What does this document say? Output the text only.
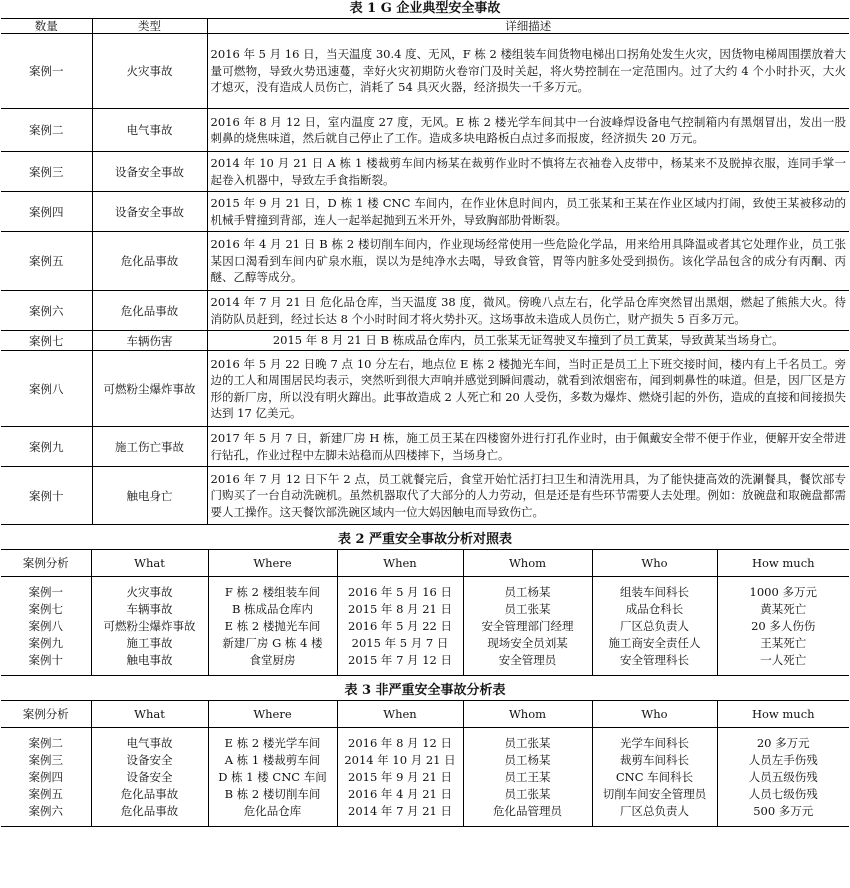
表 1 G 企业典型安全事故
数量	类型	详细描述
案例一	火灾事故	2016 年 5 月 16 日，当天温度 30.4 度、无风，F 栋 2 楼组装车间货物电梯出口拐角处发生火灾，因货物电梯周围摆放着大量可燃物，导致火势迅速蔓，幸好火灾初期防火卷帘门及时关起，将火势控制在一定范围内。过了大约 4 个小时扑灭，大火才熄灭，没有造成人员伤亡，消耗了 54 具灭火器，经济损失一千多万元。
案例二	电气事故	2016 年 8 月 12 日，室内温度 27 度，无风。E 栋 2 楼光学车间其中一台波峰焊设备电气控制箱内有黑烟冒出，发出一股刺鼻的烧焦味道，然后就自己停止了工作。造成多块电路板白点过多而报废，经济损失 20 万元。
案例三	设备安全事故	2014 年 10 月 21 日 A 栋 1 楼裁剪车间内杨某在裁剪作业时不慎将左衣袖卷入皮带中，杨某来不及脱掉衣服，连同手掌一起卷入机器中，导致左手食指断裂。
案例四	设备安全事故	2015 年 9 月 21 日，D 栋 1 楼 CNC 车间内，在作业休息时间内，员工张某和王某在作业区域内打闹，致使王某被移动的机械手臂撞到背部，连人一起举起抛到五米开外，导致胸部肋骨断裂。
案例五	危化品事故	2016 年 4 月 21 日 B 栋 2 楼切削车间内，作业现场经常使用一些危险化学品，用来给用具降温或者其它处理作业，员工张某因口渴看到车间内矿泉水瓶，误以为是纯净水去喝，导致食管，胃等内脏多处受到损伤。该化学品包含的成分有丙酮、丙醚、乙醇等成分。
案例六	危化品事故	2014 年 7 月 21 日 危化品仓库，当天温度 38 度，微风。傍晚八点左右，化学品仓库突然冒出黑烟，燃起了熊熊大火。待消防队员赶到，经过长达 8 个小时时间才将火势扑灭。这场事故未造成人员伤亡，财产损失 5 百多万元。
案例七	车辆伤害	2015 年 8 月 21 日 B 栋成品仓库内，员工张某无证驾驶叉车撞到了员工黄某，导致黄某当场身亡。
案例八	可燃粉尘爆炸事故	2016 年 5 月 22 日晚 7 点 10 分左右，地点位 E 栋 2 楼抛光车间，当时正是员工上下班交接时间，楼内有上千名员工。旁边的工人和周围居民均表示，突然听到很大声响并感觉到瞬间震动，就看到浓烟密布，闻到刺鼻性的味道。但是，因厂区是方形的新厂房，所以没有明火蹿出。此事故造成 2 人死亡和 20 人受伤，多数为爆炸、燃烧引起的外伤，造成的直接和间接损失达到 17 亿美元。
案例九	施工伤亡事故	2017 年 5 月 7 日，新建厂房 H 栋，施工员王某在四楼窗外进行打孔作业时，由于佩戴安全带不便于作业，便解开安全带进行钻孔，作业过程中左脚未站稳而从四楼摔下，当场身亡。
案例十	触电身亡	2016 年 7 月 12 日下午 2 点，员工就餐完后，食堂开始忙活打扫卫生和清洗用具，为了能快捷高效的洗涮餐具，餐饮部专门购买了一台自动洗碗机。虽然机器取代了大部分的人力劳动，但是还是有些环节需要人去处理。例如：放碗盘和取碗盘都需要人工操作。这天餐饮部洗碗区域内一位大妈因触电而导致伤亡。
表 2 严重安全事故分析对照表
案例分析	What	Where	When	Whom	Who	How much
案例一	火灾事故	F 栋 2 楼组装车间	2016 年 5 月 16 日	员工杨某	组装车间科长	1000 多万元
案例七	车辆事故	B 栋成品仓库内	2015 年 8 月 21 日	员工张某	成品仓科长	黄某死亡
案例八	可燃粉尘爆炸事故	E 栋 2 楼抛光车间	2016 年 5 月 22 日	安全管理部门经理	厂区总负责人	20 多人伤伤
案例九	施工事故	新建厂房 G 栋 4 楼	2015 年 5 月 7 日	现场安全员刘某	施工商安全责任人	王某死亡
案例十	触电事故	食堂厨房	2015 年 7 月 12 日	安全管理员	安全管理科长	一人死亡
表 3 非严重安全事故分析表
案例分析	What	Where	When	Whom	Who	How much
案例二	电气事故	E 栋 2 楼光学车间	2016 年 8 月 12 日	员工张某	光学车间科长	20 多万元
案例三	设备安全	A 栋 1 楼裁剪车间	2014 年 10 月 21 日	员工杨某	裁剪车间科长	人员左手伤残
案例四	设备安全	D 栋 1 楼 CNC 车间	2015 年 9 月 21 日	员工王某	CNC 车间科长	人员五级伤残
案例五	危化品事故	B 栋 2 楼切削车间	2016 年 4 月 21 日	员工张某	切削车间安全管理员	人员七级伤残
案例六	危化品事故	危化品仓库	2014 年 7 月 21 日	危化品管理员	厂区总负责人	500 多万元
